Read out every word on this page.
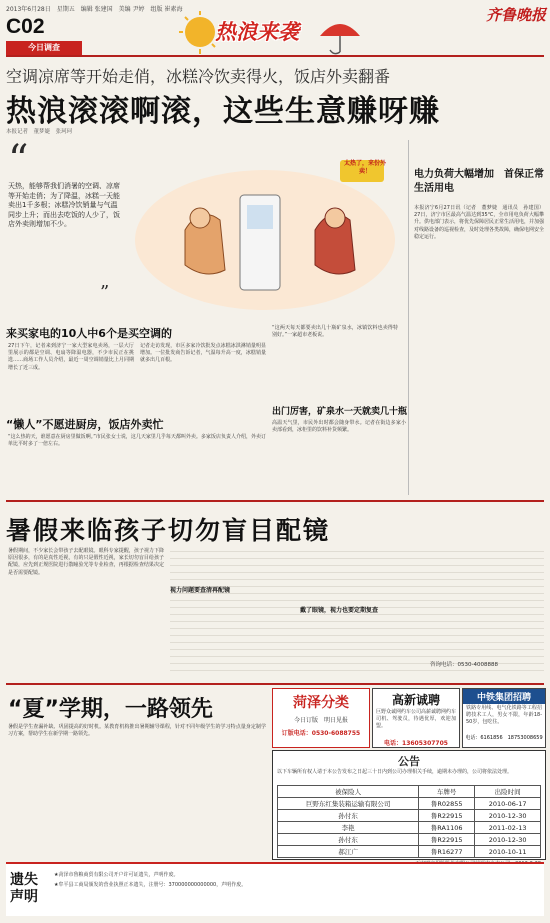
2013年6月28日　星期五　编辑 张建国　美编 尹婷　组版 崔素海	齐鲁晚报
C02
今日调查
热浪来袭
空调凉席等开始走俏，冰糕冷饮卖得火，饭店外卖翻番
热浪滚滚啊滚，这些生意赚呀赚
本报记者　董梦婕　张珂珂
“
天热，能够帮我们消暑的空调、凉席等开始走俏；为了降温，冰糕一天能卖出1千多根；冰糕冷饮销量与气温同步上升；而出去吃饭的人少了，饭店外卖则增加不少。
”
太热了，来份外卖！
来买家电的10人中6个是买空调的
27日下午，记者来到济宁一家大型家电卖场，一层大厅里展示的都是空调、电扇等降温电器，不少市民正在挑选……商场工作人员介绍，最近一周空调销量比上月同期增长了近三成。
记者走访发现，市区多家冷饮批发点冰糕冰淇淋销量明显增加。一位批发商告诉记者，气温每升高一度，冰糕销量就多出几百根。
“懒人”不愿进厨房，饭店外卖忙
“这么热的天，谁愿意在厨房里做饭啊。”市民张女士说，这几天家里几乎每天都叫外卖。多家饭店负责人介绍，外卖订单比平时多了一倍左右。
“这两天每天都要卖出几十瓶矿泉水，冰镇饮料也卖得特别好。”一家超市老板说。
出门厉害，矿泉水一天就卖几十瓶
高温天气里，市民外出时都会随身带水。记者在街边多家小卖部看到，冰柜里的饮料补货频繁。
电力负荷大幅增加　首保正常生活用电
本报济宁6月27日讯（记者　董梦婕　通讯员　孙建国）27日，济宁市区最高气温达到35℃，全市用电负荷大幅攀升。供电部门表示，将优先保障居民正常生活用电，并加强对线路设备的巡视检查，及时处理各类故障，确保电网安全稳定运行。
暑假来临孩子切勿盲目配镜
暑假期间，不少家长会带孩子去配眼镜。眼科专家提醒，孩子视力下降原因很多，有的是真性近视，有的只是假性近视，家长切勿盲目给孩子配镜，应先到正规医院进行散瞳验光等专业检查，再根据检查结果决定是否需要配镜。
视力问题要查清再配镜
戴了眼镜，视力也要定期复查
咨询电话：0530-4008888
“夏”学期，一路领先
暑假是学生查漏补缺、巩固提高的好时机。某教育机构推出暑期辅导课程，针对不同年级学生的学习特点量身定制学习方案，帮助学生在新学期一路领先。
菏泽分类
今日订版　明日见报
订版电话：0530-6088755
高新诚聘
巨野众诚网约车公司高薪诚聘网约车司机、驾驶员，待遇优厚，欢迎加盟。
电话：13605307705
中铁集团招聘
铁路专用线、电气化铁路等工程招聘技术工人，男女不限，年龄18-50岁，包吃住。
电话：6161856　18753008659
公告
以下车辆所有权人请于本公告发布之日起三十日内到公司办理相关手续，逾期未办理的，公司将依法处理。
被保险人	车牌号	出险时间
巨野东红集装箱运输有限公司	鲁R02855	2010-06-17
孙付东	鲁R22915	2010-12-30
李艳	鲁RA1106	2011-02-13
孙付东	鲁R22915	2010-12-30
郝江广	鲁R16277	2010-10-11
遗失声明
★菏泽市鲁粮商贸有限公司开户许可证遗失，声明作废。
★牟平县工商局颁发的营业执照正本遗失，注册号：370000000000000，声明作废。
